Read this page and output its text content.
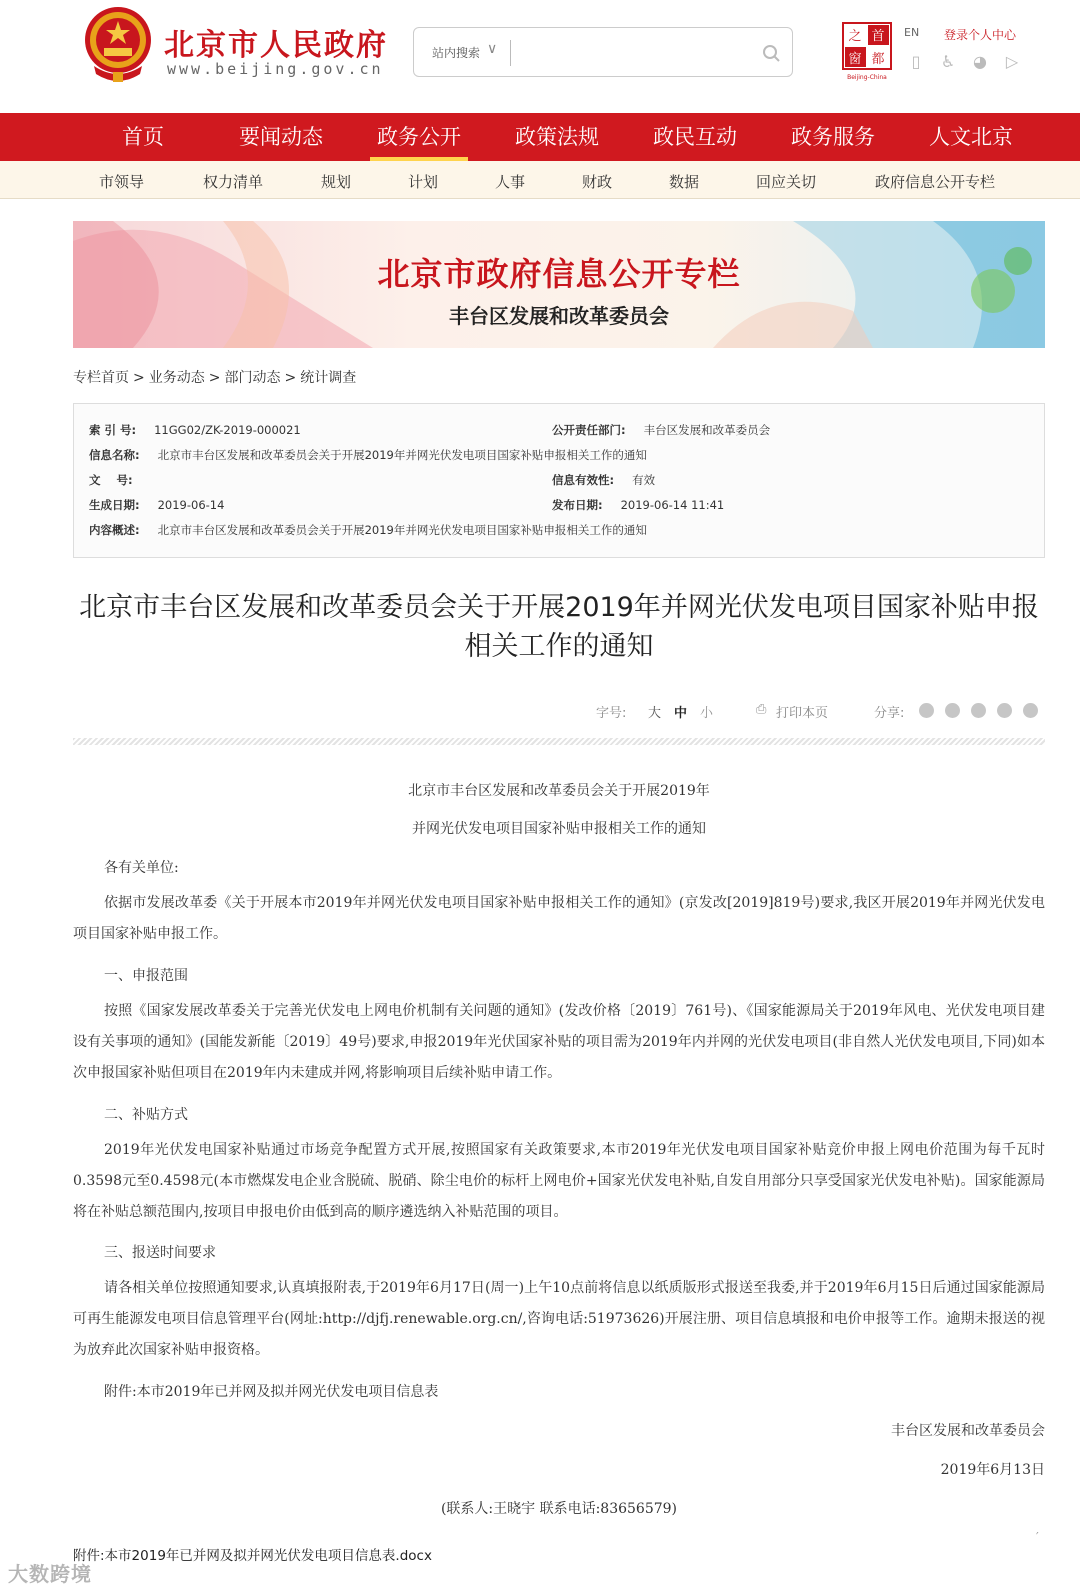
北京市人民政府
www.beijing.gov.cn
站内搜索 ∨
首
都
之
窗
Beijing-China
EN 登录个人中心
▯	♿ ◕ ▷
首页	要闻动态	政务公开	政策法规	政民互动	政务服务	人文北京
市领导	权力清单	规划	计划	人事	财政	数据	回应关切	政府信息公开专栏
北京市政府信息公开专栏
丰台区发展和改革委员会
专栏首页 > 业务动态 > 部门动态 > 统计调查
索 引 号: 11GG02/ZK-2019-000021	公开责任部门: 丰台区发展和改革委员会
信息名称: 北京市丰台区发展和改革委员会关于开展2019年并网光伏发电项目国家补贴申报相关工作的通知
文    号:	信息有效性: 有效
生成日期: 2019-06-14	发布日期: 2019-06-14 11:41
内容概述: 北京市丰台区发展和改革委员会关于开展2019年并网光伏发电项目国家补贴申报相关工作的通知
北京市丰台区发展和改革委员会关于开展2019年并网光伏发电项目国家补贴申报
相关工作的通知
字号: 大 中 小	⎙ 打印本页	分享:
北京市丰台区发展和改革委员会关于开展2019年
并网光伏发电项目国家补贴申报相关工作的通知
各有关单位:
依据市发展改革委《关于开展本市2019年并网光伏发电项目国家补贴申报相关工作的通知》(京发改[2019]819号)要求,我区开展2019年并网光伏发电项目国家补贴申报工作。
一、申报范围
按照《国家发展改革委关于完善光伏发电上网电价机制有关问题的通知》(发改价格〔2019〕761号)、《国家能源局关于2019年风电、光伏发电项目建设有关事项的通知》(国能发新能〔2019〕49号)要求,申报2019年光伏国家补贴的项目需为2019年内并网的光伏发电项目(非自然人光伏发电项目,下同)如本次申报国家补贴但项目在2019年内未建成并网,将影响项目后续补贴申请工作。
二、补贴方式
2019年光伏发电国家补贴通过市场竞争配置方式开展,按照国家有关政策要求,本市2019年光伏发电项目国家补贴竞价申报上网电价范围为每千瓦时0.3598元至0.4598元(本市燃煤发电企业含脱硫、脱硝、除尘电价的标杆上网电价+国家光伏发电补贴,自发自用部分只享受国家光伏发电补贴)。国家能源局将在补贴总额范围内,按项目申报电价由低到高的顺序遴选纳入补贴范围的项目。
三、报送时间要求
请各相关单位按照通知要求,认真填报附表,于2019年6月17日(周一)上午10点前将信息以纸质版形式报送至我委,并于2019年6月15日后通过国家能源局可再生能源发电项目信息管理平台(网址:http://djfj.renewable.org.cn/,咨询电话:51973626)开展注册、项目信息填报和电价申报等工作。逾期未报送的视为放弃此次国家补贴申报资格。
附件:本市2019年已并网及拟并网光伏发电项目信息表
丰台区发展和改革委员会
2019年6月13日
(联系人:王晓宇 联系电话:83656579)
′
附件:本市2019年已并网及拟并网光伏发电项目信息表.docx
大数跨境
